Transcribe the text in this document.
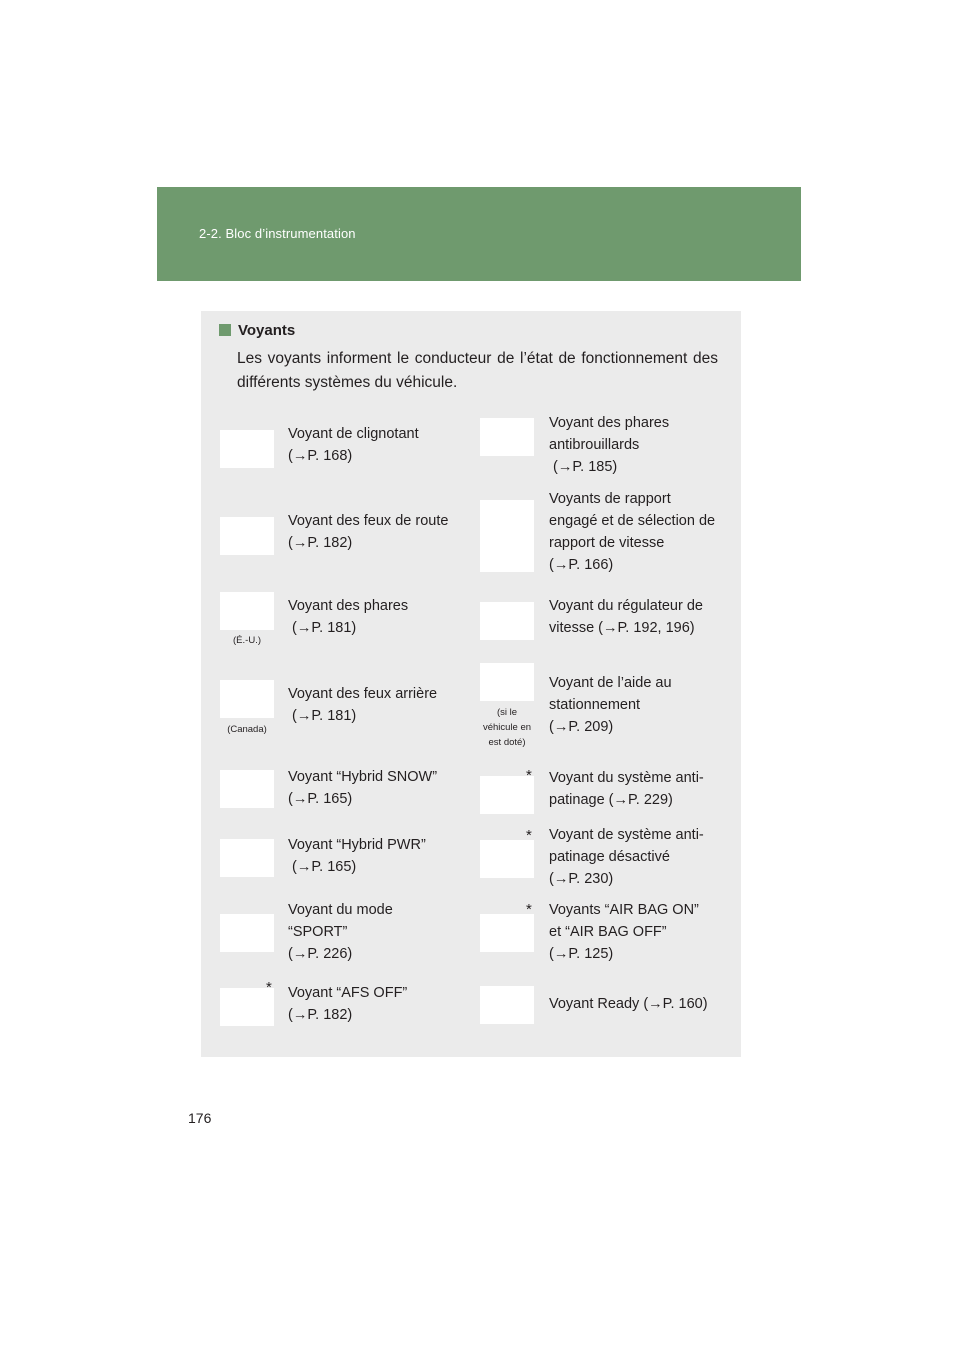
2-2. Bloc d’instrumentation
Voyants
Les voyants informent le conducteur de l’état de fonctionnement des différents systèmes du véhicule.
Voyant de clignotant
(→P. 168)
Voyant des feux de route
(→P. 182)
(É.-U.)
Voyant des phares
(→P. 181)
(Canada)
Voyant des feux arrière
(→P. 181)
Voyant “Hybrid SNOW”
(→P. 165)
Voyant “Hybrid PWR”
(→P. 165)
Voyant du mode
“SPORT”
(→P. 226)
* Voyant “AFS OFF”
(→P. 182)
Voyant des phares
antibrouillards
(→P. 185)
Voyants de rapport
engagé et de sélection de
rapport de vitesse
(→P. 166)
Voyant du régulateur de
vitesse (→P. 192, 196)
(si le
véhicule en
est doté)
Voyant de l’aide au
stationnement
(→P. 209)
* Voyant du système anti-
patinage (→P. 229)
* Voyant de système anti-
patinage désactivé
(→P. 230)
* Voyants “AIR BAG ON”
et “AIR BAG OFF”
(→P. 125)
Voyant Ready (→P. 160)
176
